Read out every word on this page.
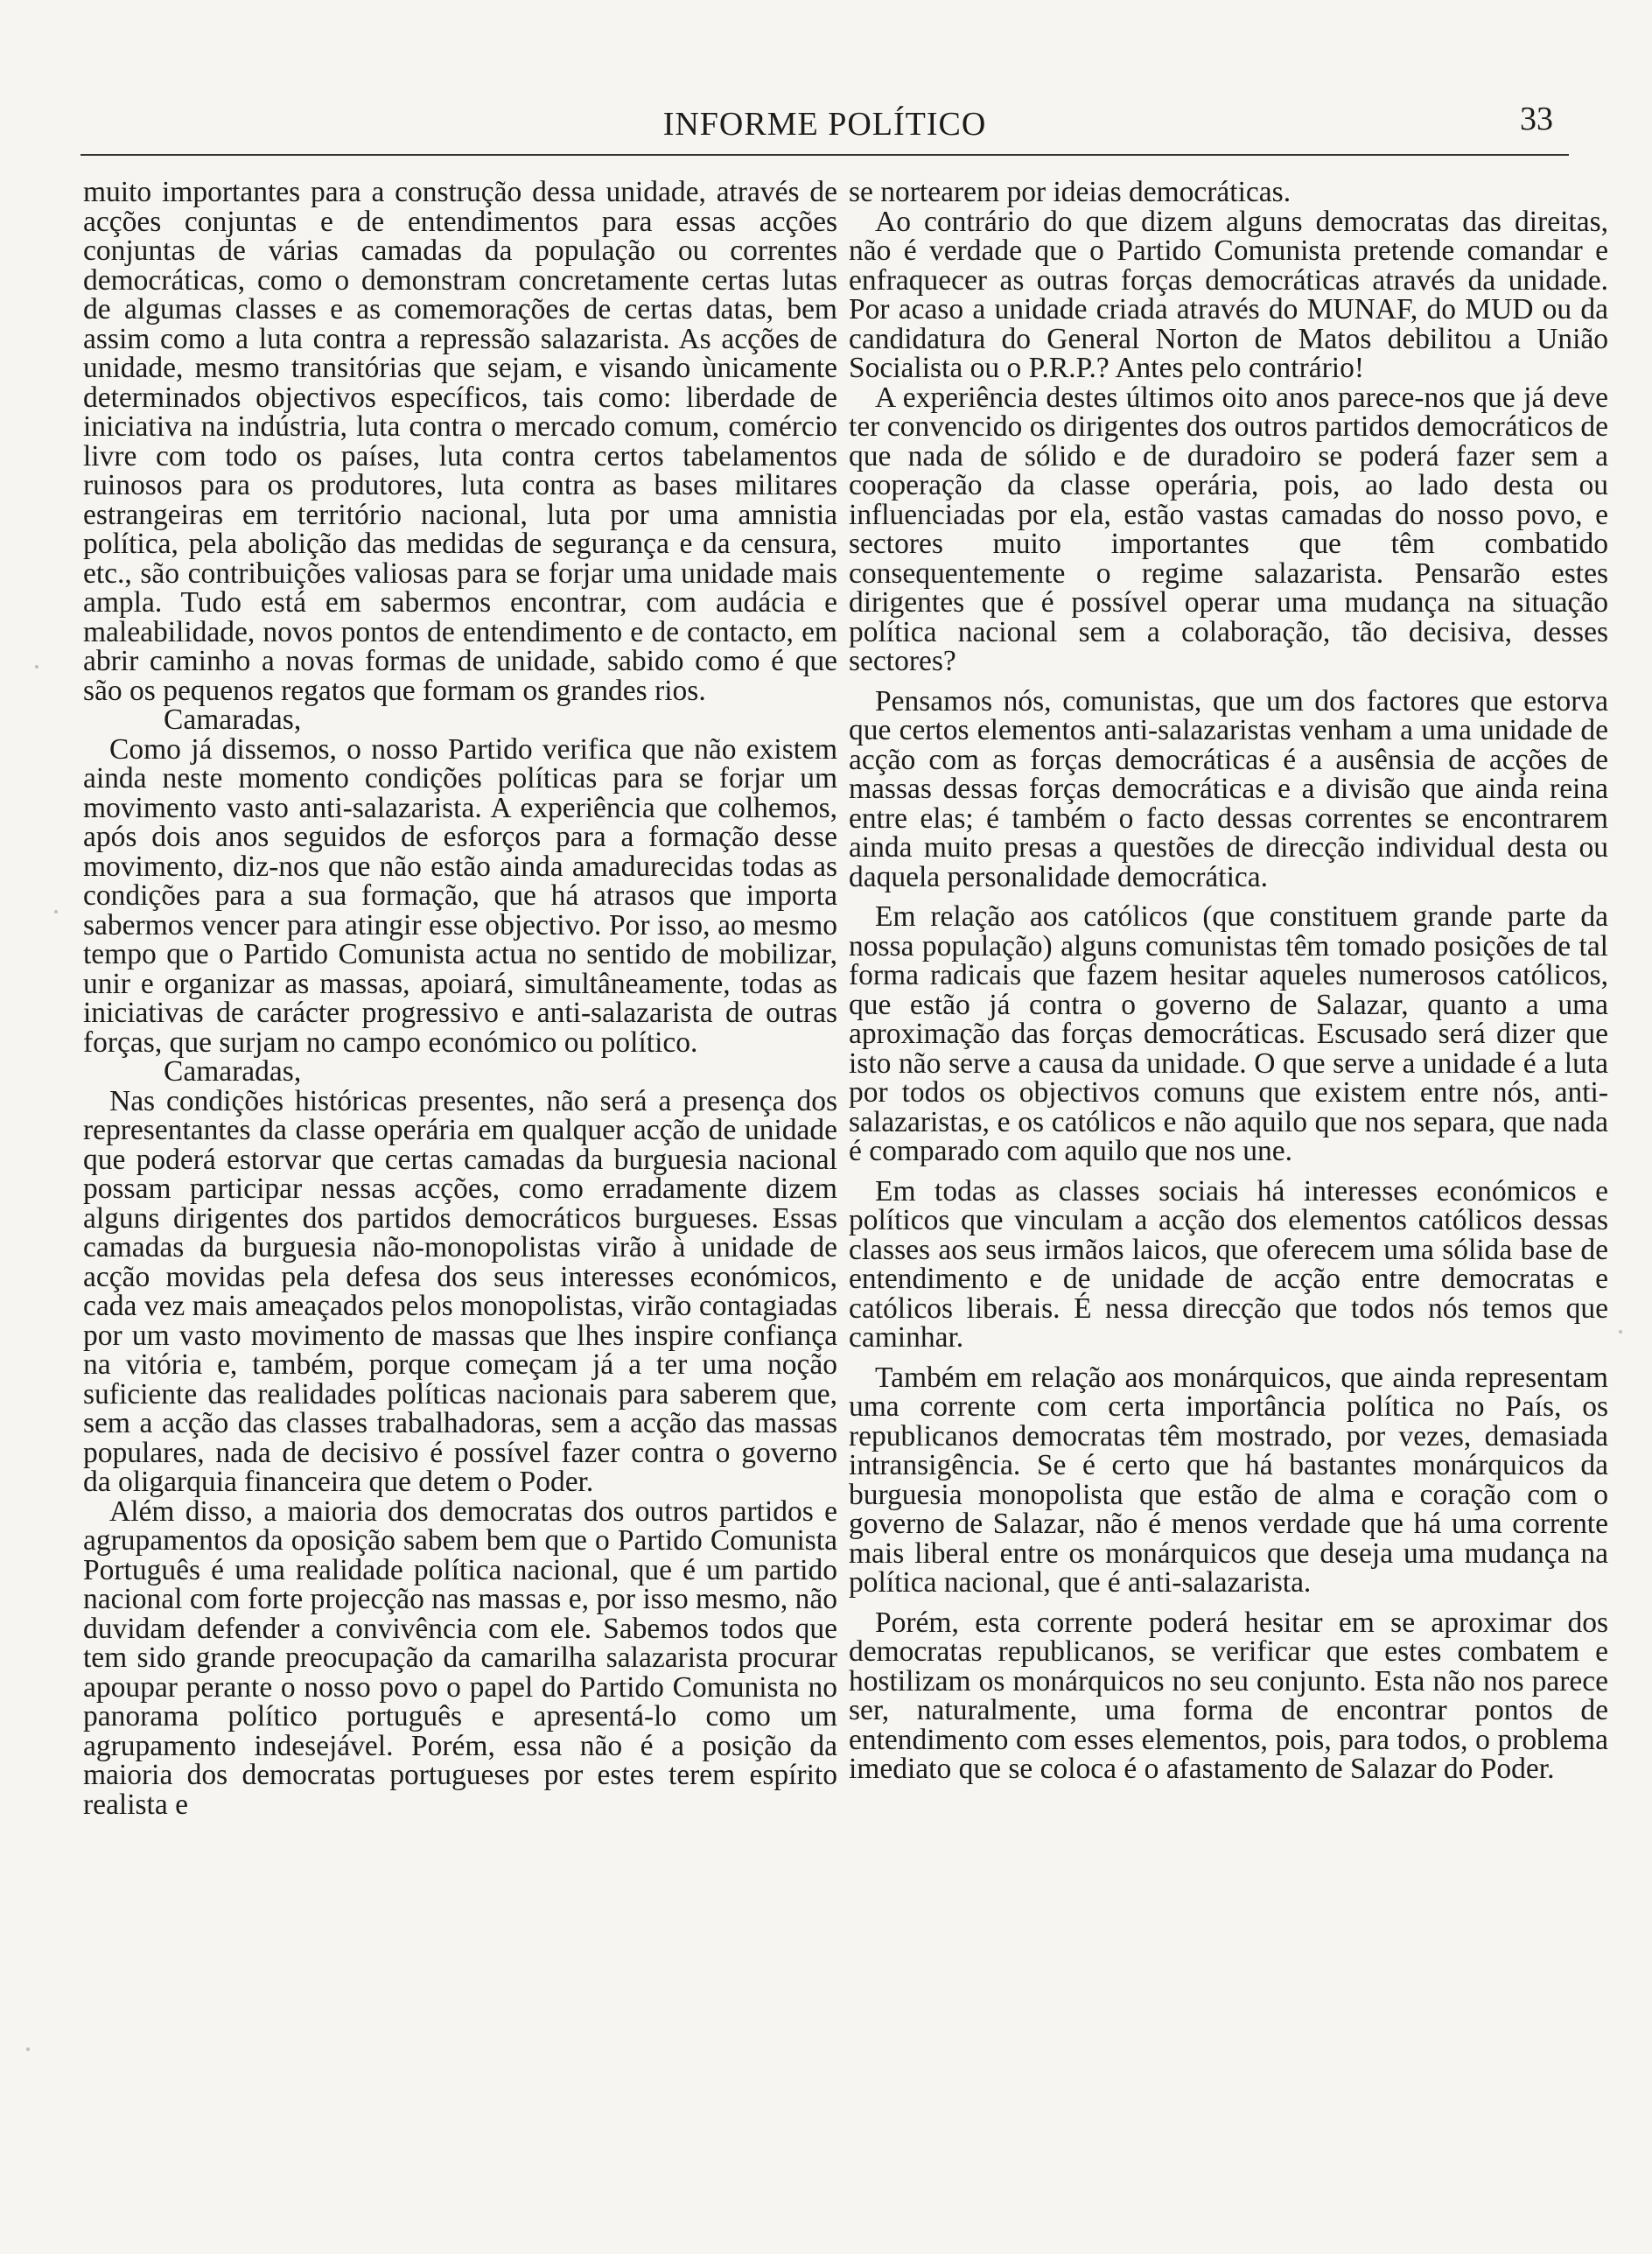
INFORME POLÍTICO	33

muito importantes para a construção dessa unidade, através de acções conjuntas e de entendimentos para essas acções conjuntas de várias camadas da população ou correntes democráticas, como o demonstram concretamente certas lutas de algumas classes e as comemorações de certas datas, bem assim como a luta contra a repressão salazarista. As acções de unidade, mesmo transitórias que sejam, e visando ùnicamente determinados objectivos específicos, tais como: liberdade de iniciativa na indústria, luta contra o mercado comum, comércio livre com todo os países, luta contra certos tabelamentos ruinosos para os produtores, luta contra as bases militares estrangeiras em território nacional, luta por uma amnistia política, pela abolição das medidas de segurança e da censura, etc., são contribuições valiosas para se forjar uma unidade mais ampla. Tudo está em sabermos encontrar, com audácia e maleabilidade, novos pontos de entendimento e de contacto, em abrir caminho a novas formas de unidade, sabido como é que são os pequenos regatos que formam os grandes rios.

Camaradas,

Como já dissemos, o nosso Partido verifica que não existem ainda neste momento condições políticas para se forjar um movimento vasto anti-salazarista. A experiência que colhemos, após dois anos seguidos de esforços para a formação desse movimento, diz-nos que não estão ainda amadurecidas todas as condições para a sua formação, que há atrasos que importa sabermos vencer para atingir esse objectivo. Por isso, ao mesmo tempo que o Partido Comunista actua no sentido de mobilizar, unir e organizar as massas, apoiará, simultâneamente, todas as iniciativas de carácter progressivo e anti-salazarista de outras forças, que surjam no campo económico ou político.

Camaradas,

Nas condições históricas presentes, não será a presença dos representantes da classe operária em qualquer acção de unidade que poderá estorvar que certas camadas da burguesia nacional possam participar nessas acções, como erradamente dizem alguns dirigentes dos partidos democráticos burgueses. Essas camadas da burguesia não-monopolistas virão à unidade de acção movidas pela defesa dos seus interesses económicos, cada vez mais ameaçados pelos monopolistas, virão contagiadas por um vasto movimento de massas que lhes inspire confiança na vitória e, também, porque começam já a ter uma noção suficiente das realidades políticas nacionais para saberem que, sem a acção das classes trabalhadoras, sem a acção das massas populares, nada de decisivo é possível fazer contra o governo da oligarquia financeira que detem o Poder.

Além disso, a maioria dos democratas dos outros partidos e agrupamentos da oposição sabem bem que o Partido Comunista Português é uma realidade política nacional, que é um partido nacional com forte projecção nas massas e, por isso mesmo, não duvidam defender a convivência com ele. Sabemos todos que tem sido grande preocupação da camarilha salazarista procurar apoupar perante o nosso povo o papel do Partido Comunista no panorama político português e apresentá-lo como um agrupamento indesejável. Porém, essa não é a posição da maioria dos democratas portugueses por estes terem espírito realista e

se nortearem por ideias democráticas.

Ao contrário do que dizem alguns democratas das direitas, não é verdade que o Partido Comunista pretende comandar e enfraquecer as outras forças democráticas através da unidade. Por acaso a unidade criada através do MUNAF, do MUD ou da candidatura do General Norton de Matos debilitou a União Socialista ou o P.R.P.? Antes pelo contrário!

A experiência destes últimos oito anos parece-nos que já deve ter convencido os dirigentes dos outros partidos democráticos de que nada de sólido e de duradoiro se poderá fazer sem a cooperação da classe operária, pois, ao lado desta ou influenciadas por ela, estão vastas camadas do nosso povo, e sectores muito importantes que têm combatido consequentemente o regime salazarista. Pensarão estes dirigentes que é possível operar uma mudança na situação política nacional sem a colaboração, tão decisiva, desses sectores?

Pensamos nós, comunistas, que um dos factores que estorva que certos elementos anti-salazaristas venham a uma unidade de acção com as forças democráticas é a ausênsia de acções de massas dessas forças democráticas e a divisão que ainda reina entre elas; é também o facto dessas correntes se encontrarem ainda muito presas a questões de direcção individual desta ou daquela personalidade democrática.

Em relação aos católicos (que constituem grande parte da nossa população) alguns comunistas têm tomado posições de tal forma radicais que fazem hesitar aqueles numerosos católicos, que estão já contra o governo de Salazar, quanto a uma aproximação das forças democráticas. Escusado será dizer que isto não serve a causa da unidade. O que serve a unidade é a luta por todos os objectivos comuns que existem entre nós, anti-salazaristas, e os católicos e não aquilo que nos separa, que nada é comparado com aquilo que nos une.

Em todas as classes sociais há interesses económicos e políticos que vinculam a acção dos elementos católicos dessas classes aos seus irmãos laicos, que oferecem uma sólida base de entendimento e de unidade de acção entre democratas e católicos liberais. É nessa direcção que todos nós temos que caminhar.

Também em relação aos monárquicos, que ainda representam uma corrente com certa importância política no País, os republicanos democratas têm mostrado, por vezes, demasiada intransigência. Se é certo que há bastantes monárquicos da burguesia monopolista que estão de alma e coração com o governo de Salazar, não é menos verdade que há uma corrente mais liberal entre os monárquicos que deseja uma mudança na política nacional, que é anti-salazarista.

Porém, esta corrente poderá hesitar em se aproximar dos democratas republicanos, se verificar que estes combatem e hostilizam os monárquicos no seu conjunto. Esta não nos parece ser, naturalmente, uma forma de encontrar pontos de entendimento com esses elementos, pois, para todos, o problema imediato que se coloca é o afastamento de Salazar do Poder.
